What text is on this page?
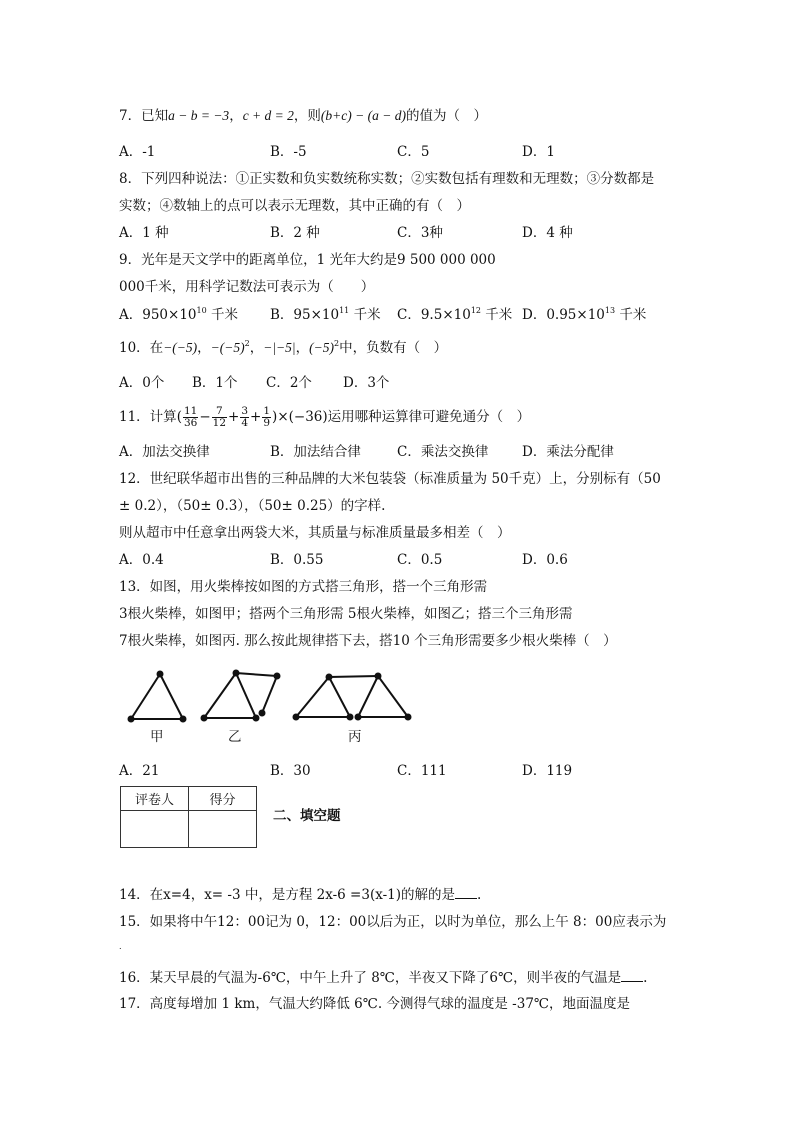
7．已知a − b = −3，c + d = 2，则(b+c) − (a − d)的值为（　）
A．-1	B．-5	C．5	D．1
8．下列四种说法：①正实数和负实数统称实数；②实数包括有理数和无理数；③分数都是
实数；④数轴上的点可以表示无理数，其中正确的有（　）
A．1 种	B．2 种	C．3种	D．4 种
9．光年是天文学中的距离单位，1 光年大约是9 500 000 000
000千米，用科学记数法可表示为（　　）
A．$950\times 10^{10}$ 千米 B．$95\times 10^{11}$ 千米 C．$9.5\times 10^{12}$ 千米 D．$0.95\times 10^{13}$ 千米
10．在−(−5)，$-(-5)^2$，−|−5|，$(-5)^2$中，负数有（　）
A．0个 B．1个 C．2个 D．3个
11．计算( $\frac{11}{36} - \frac{7}{12} + \frac{3}{4} + \frac{1}{9} )\times(-36)$运用哪种运算律可避免通分（　）
A．加法交换律	B．加法结合律	C．乘法交换律 D．乘法分配律
12．世纪联华超市出售的三种品牌的大米包装袋（标准质量为 50千克）上，分别标有（50
± 0.2），（50± 0.3），（50± 0.25）的字样.
则从超市中任意拿出两袋大米，其质量与标准质量最多相差（　）
A．0.4	B．0.55	C．0.5	D．0.6
13．如图，用火柴棒按如图的方式搭三角形，搭一个三角形需
3根火柴棒，如图甲；搭两个三角形需 5根火柴棒，如图乙；搭三个三角形需
7根火柴棒，如图丙. 那么按此规律搭下去，搭10 个三角形需要多少根火柴棒（　）
甲	乙	丙
A．21	B．30	C．111	D．119
评卷人	得分

二、填空题
14．在x=4，x= -3 中，是方程 2x-6 =3(x-1)的解的是 .
15．如果将中午12：00记为 0，12：00以后为正，以时为单位，那么上午 8：00应表示为
.
16．某天早晨的气温为-6℃，中午上升了 8℃，半夜又下降了6℃，则半夜的气温是 .
17．高度每增加 1 km，气温大约降低 6℃. 今测得气球的温度是 -37℃，地面温度是
